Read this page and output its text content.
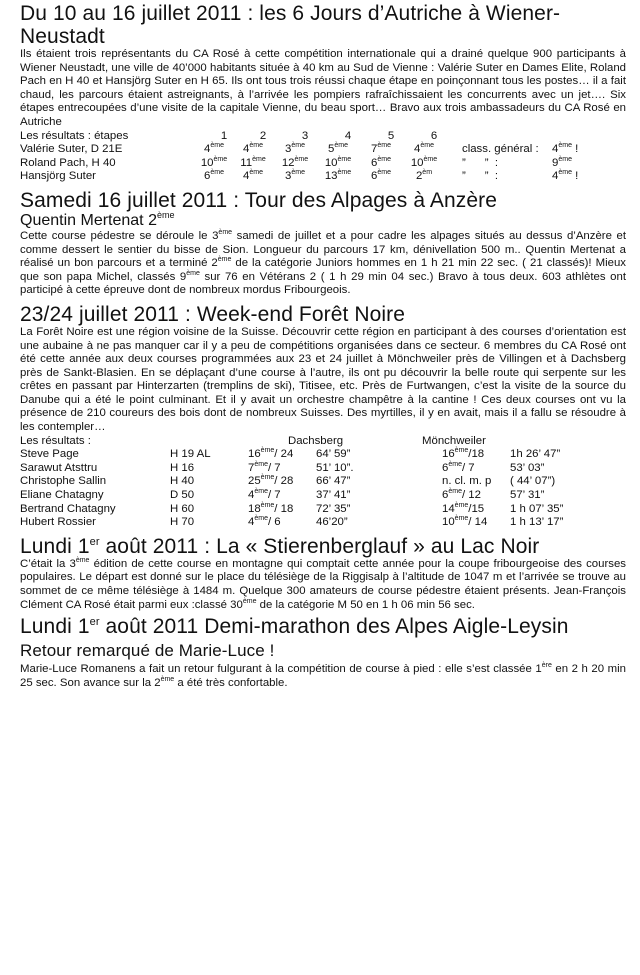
Du 10 au 16 juillet 2011 : les 6 Jours d’Autriche à Wiener-Neustadt

Ils étaient trois représentants du CA Rosé à cette compétition internationale qui a drainé quelque 900 participants à Wiener Neustadt, une ville de 40’000 habitants située à 40 km au Sud de Vienne : Valérie Suter en Dames Elite, Roland Pach en H 40 et Hansjörg Suter en H 65. Ils ont tous trois réussi chaque étape en poinçonnant tous les postes… il a fait chaud, les parcours étaient astreignants, à l’arrivée les pompiers rafraîchissaient les concurrents avec un jet…. Six étapes entrecoupées d’une visite de la capitale Vienne, du beau sport… Bravo aux trois ambassadeurs du CA Rosé en Autriche

Les résultats : étapes	1	2	3	4	5	6
Valérie Suter, D 21E	4ème	4ème	3ème	5ème	7ème	4ème	class. général :	4ème !
Roland Pach, H 40	10ème	11ème	12ème	10ème	6ème	10ème	”      ”  :	9ème
Hansjörg Suter	6ème	4ème	3ème	13ème	6ème	$2^{èm}$	”      ”  :	4ème !
Samedi 16 juillet 2011 : Tour des Alpages à Anzère

Quentin Mertenat 2ème

Cette course pédestre se déroule le 3ème samedi de juillet et a pour cadre les alpages situés au dessus d’Anzère et comme dessert le sentier du bisse de Sion. Longueur du parcours 17 km, dénivellation 500 m.. Quentin Mertenat a réalisé un bon parcours et a terminé 2ème de la catégorie Juniors hommes en 1 h 21 min 22 sec. ( 21 classés)! Mieux que son papa Michel, classés 9ème sur 76 en Vétérans 2 ( 1 h 29 min 04 sec.) Bravo à tous deux. 603 athlètes ont participé à cette épreuve dont de nombreux mordus Fribourgeois.

23/24 juillet 2011 : Week-end Forêt Noire

La Forêt Noire est une région voisine de la Suisse. Découvrir cette région en participant à des courses d’orientation est une aubaine à ne pas manquer car il y a peu de compétitions organisées dans ce secteur. 6 membres du CA Rosé ont été cette année aux deux courses programmées aux 23 et 24 juillet à Mönchweiler près de Villingen et à Dachsberg près de Sankt-Blasien. En se déplaçant d’une course à l’autre, ils ont pu découvrir la belle route qui serpente sur les crêtes en passant par Hinterzarten (tremplins de ski), Titisee, etc. Près de Furtwangen, c’est la visite de la source du Danube qui a été le point culminant. Et il y avait un orchestre champêtre à la cantine ! Ces deux courses ont vu la présence de 210 coureurs des bois dont de nombreux Suisses. Des myrtilles, il y en avait, mais il a fallu se résoudre à les contempler…

Les résultats :	Dachsberg	Mönchweiler
Steve Page	H 19 AL	16ème/ 24	64’ 59”	16ème/18	1h 26’ 47”
Sarawut Atsttru	H 16	7ème/ 7	51’ 10”.	6ème/ 7	53’ 03”
Christophe Sallin	H 40	25ème/ 28	66’ 47”	n. cl. m. p	( 44’ 07”)
Eliane Chatagny	D 50	4ème/ 7	37’ 41”	6ème/ 12	57’ 31”
Bertrand Chatagny	H 60	18ème/ 18	72’ 35”	14ème/15	1 h 07’ 35”
Hubert Rossier	H 70	4ème/ 6	46’20”	10ème/ 14	1 h 13’ 17”
Lundi 1er août 2011 : La « Stierenberglauf » au Lac Noir

C’était la 3ème édition de cette course en montagne qui comptait cette année pour la coupe fribourgeoise des courses populaires. Le départ est donné sur le place du télésiège de la Riggisalp à l’altitude de 1047 m et l’arrivée se trouve au sommet de ce même télésiège à 1484 m. Quelque 300 amateurs de course pédestre étaient présents. Jean-François Clément CA Rosé était parmi eux :classé 30ème de la catégorie M 50 en 1 h 06 min 56 sec.

Lundi 1er août 2011 Demi-marathon des Alpes Aigle-Leysin  Retour remarqué de Marie-Luce !

Marie-Luce Romanens a fait un retour fulgurant à la compétition de course à pied : elle s’est classée 1ère en 2 h 20 min 25 sec. Son avance sur la 2ème a été très confortable.
